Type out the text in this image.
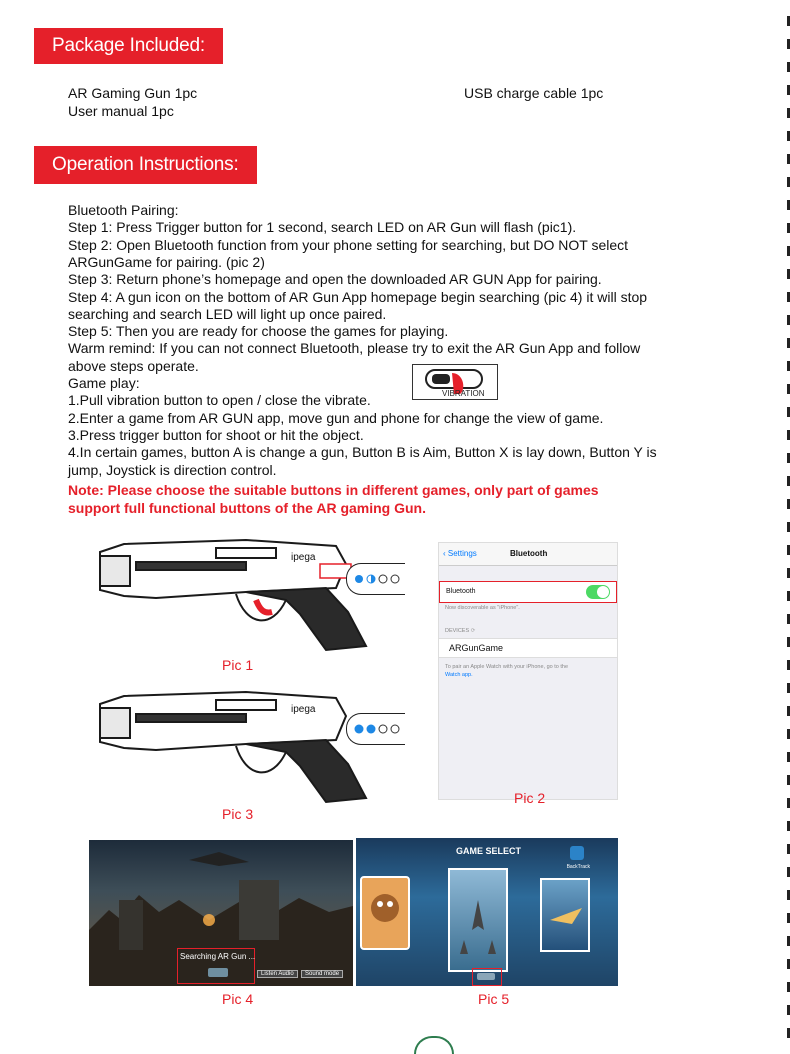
Package Included:
AR Gaming Gun 1pc
User manual 1pc
USB charge cable 1pc
Operation Instructions:
Bluetooth Pairing:
Step 1: Press Trigger button for 1 second, search LED on AR Gun will flash (pic1).
Step 2: Open Bluetooth function from your phone setting for searching, but DO NOT select
ARGunGame for pairing. (pic 2)
Step 3: Return phone’s homepage and open the downloaded AR GUN App for pairing.
Step 4: A gun icon on the bottom of AR Gun App homepage begin searching (pic 4) it will stop
searching and search LED will light up once paired.
Step 5: Then you are ready for choose the games for playing.
Warm remind: If you can not connect Bluetooth, please try to exit the AR Gun App and follow
above steps operate.
Game play:
1.Pull vibration button to open / close the vibrate.
2.Enter a game from AR GUN app, move gun and phone for change the view of game.
3.Press trigger button for shoot or hit the object.
4.In certain games, button A is change a gun, Button B is Aim, Button X is lay down, Button Y is
jump, Joystick is direction control.
VIBRATION
Note: Please choose the suitable buttons in different games, only part of games
support full functional buttons of the AR gaming Gun.
ipega
Pic 1
ipega
Pic 3
‹ Settings	Bluetooth
Bluetooth
Now discoverable as "iPhone".
DEVICES ⟳
ARGunGame
To pair an Apple Watch with your iPhone, go to the
Watch app.
Pic 2
Searching AR Gun ...
Listen Audio	Sound mode
Pic 4
GAME SELECT
BackTrack
Pic 5
